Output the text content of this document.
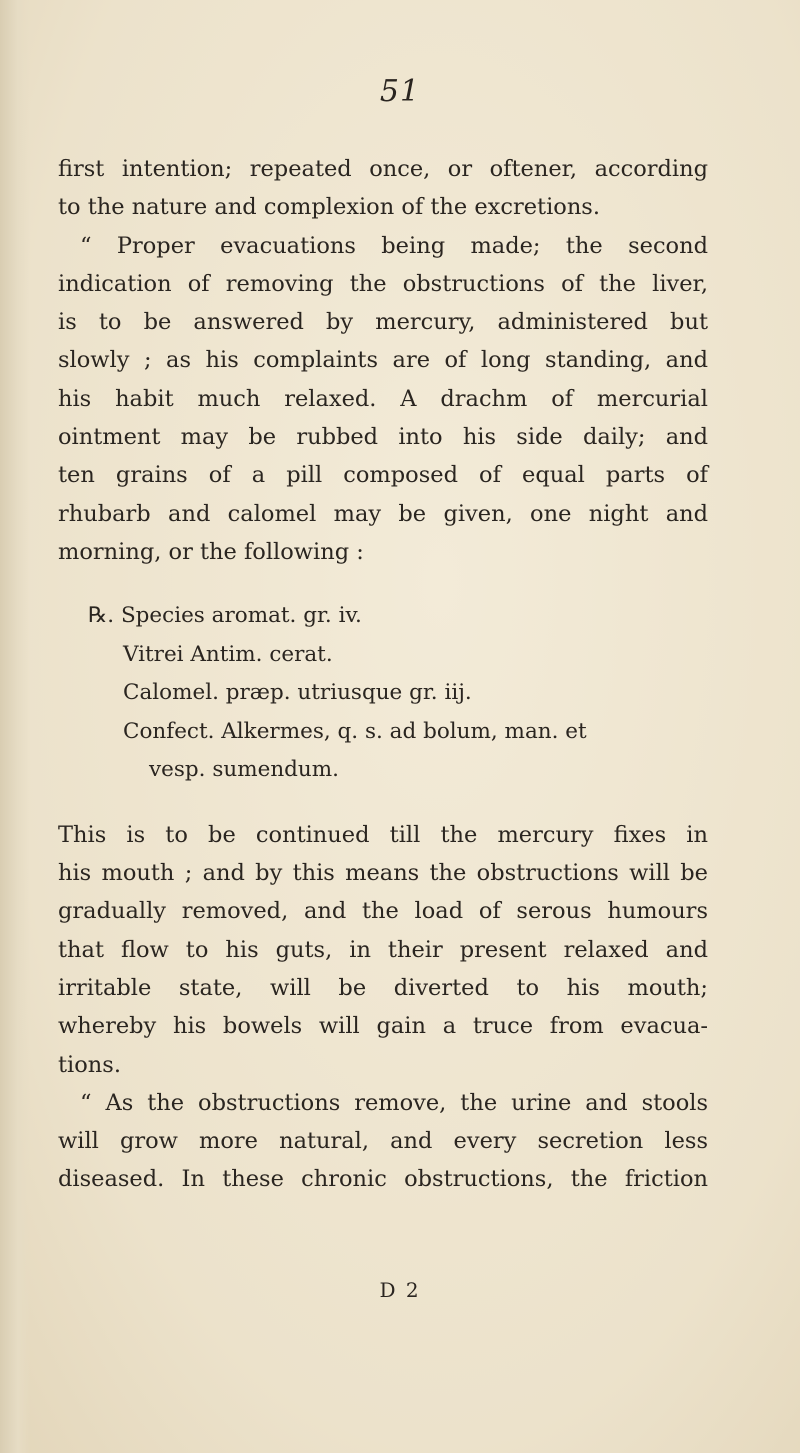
51
first intention; repeated once, or oftener, according
to the nature and complexion of the excretions.
“ Proper evacuations being made; the second
indication of removing the obstructions of the liver,
is to be answered by mercury, administered but
slowly ; as his complaints are of long standing, and
his habit much relaxed. A drachm of mercurial
ointment may be rubbed into his side daily; and
ten grains of a pill composed of equal parts of
rhubarb and calomel may be given, one night and
morning, or the following :
℞. Species aromat. gr. iv.
Vitrei Antim. cerat.
Calomel. præp. utriusque gr. iij.
Confect. Alkermes, q. s. ad bolum, man. et
vesp. sumendum.
This is to be continued till the mercury fixes in
his mouth ; and by this means the obstructions will be
gradually removed, and the load of serous humours
that flow to his guts, in their present relaxed and
irritable state, will be diverted to his mouth;
whereby his bowels will gain a truce from evacua-
tions.
“ As the obstructions remove, the urine and stools
will grow more natural, and every secretion less
diseased. In these chronic obstructions, the friction
D 2
